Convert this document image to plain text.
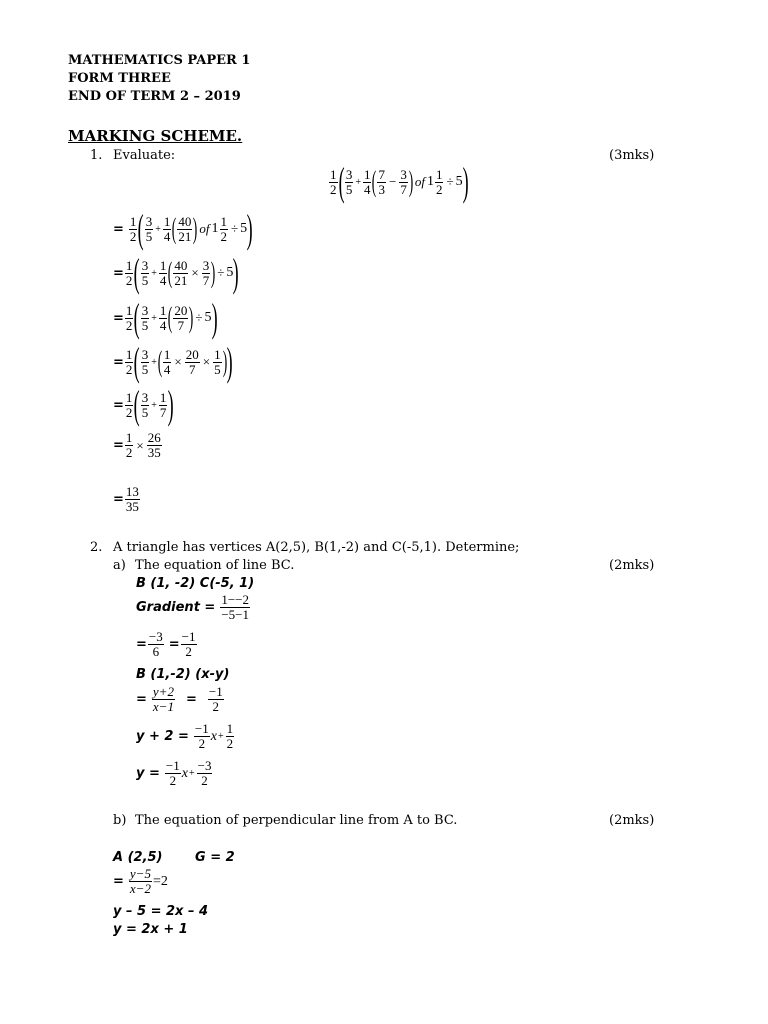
MATHEMATICS PAPER 1
FORM THREE
END OF TERM 2 – 2019
MARKING SCHEME.
1. Evaluate:	(3mks)
$\frac{1}{2}$ ( $\frac{3}{5} + \frac{1}{4}$ ( $\frac{7}{3} - \frac{3}{7}$ ) of $1 \frac{1}{2} \div 5$ )
= $\frac{1}{2}$ ( $\frac{3}{5} + \frac{1}{4}$ ( $\frac{40}{21}$ ) of $1 \frac{1}{2} \div 5$ )
= $\frac{1}{2}$ ( $\frac{3}{5} + \frac{1}{4}$ ( $\frac{40}{21} \times \frac{3}{7}$ ) ÷ 5 )
= $\frac{1}{2}$ ( $\frac{3}{5} + \frac{1}{4}$ ( $\frac{20}{7}$ ) ÷ 5 )
= $\frac{1}{2}$ ( $\frac{3}{5}$ + ( $\frac{1}{4} \times \frac{20}{7} \times \frac{1}{5}$ ) )
= $\frac{1}{2}$ ( $\frac{3}{5} + \frac{1}{7}$ )
= $\frac{1}{2} \times \frac{26}{35}$
= $\frac{13}{35}$
2. A triangle has vertices A(2,5), B(1,-2) and C(-5,1). Determine;
a) The equation of line BC.	(2mks)
B (1, -2) C(-5, 1)
Gradient = $\frac{1--2}{-5-1}$
= $\frac{-3}{6} = \frac{-1}{2}$
B (1,-2) (x-y)
= $\frac{y+2}{x-1} = \frac{-1}{2}$
$y + 2 = \frac{-1}{2}$ $x + \frac{1}{2}$
$y = \frac{-1}{2}$ $x + \frac{-3}{2}$
b) The equation of perpendicular line from A to BC.	(2mks)
A (2,5)	G = 2
= $\frac{y-5}{x-2} =2$
y – 5 = 2x – 4
y = 2x + 1
